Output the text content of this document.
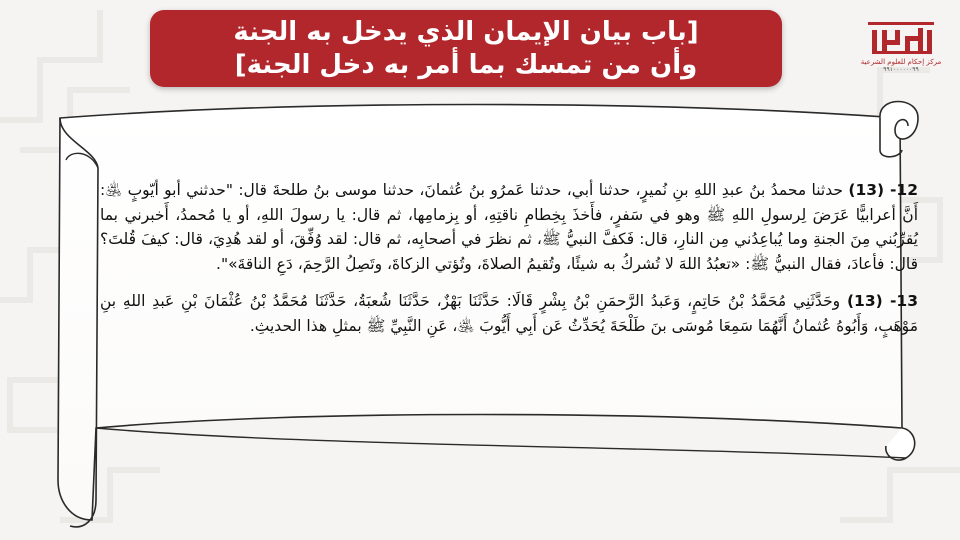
[باب بيان الإيمان الذي يدخل به الجنة
وأن من تمسك بما أمر به دخل الجنة]	مركز إحكام للعلوم الشرعية
٩٩١٠٠٠٠٠٠٩٩

12- (13) حدثنا محمدُ بنُ عبدِ اللهِ بنِ نُميرٍ، حدثنا أبي، حدثنا عَمرُو بنُ عُثمانَ، حدثنا موسى بنُ طلحةَ قال: "حدثني أبو أيّوبٍ ﵁: أَنَّ أعرابيًّا عَرَضَ لِرسولِ اللهِ ﷺ وهو في سَفرٍ، فأَخذَ بِخِطامِ ناقتِهِ، أو بِزمامِها، ثم قال: يا رسولَ اللهِ، أو يا مُحمدُ، أَخبرني بما يُقرِّبُني مِنَ الجنةِ وما يُباعِدُني مِن النارِ، قال: فَكفَّ النبيُّ ﷺ، ثم نظرَ في أصحابِه، ثم قال: لقد وُفِّقَ، أو لقد هُدِيَ، قال: كيفَ قُلتَ؟ قال: فأعادَ، فقال النبيُّ ﷺ: «تعبُدُ اللهَ لا تُشركُ به شيئًا، وتُقيمُ الصلاةَ، وتُؤتي الزكاةَ، وتَصِلُ الرَّحِمَ، دَعِ الناقةَ»".

13- (13) وحَدَّثَنِي مُحَمَّدُ بْنُ حَاتِمٍ، وَعَبدُ الرَّحمَنِ بْنُ بِشْرٍ قَالَا: حَدَّثَنَا بَهْزٌ، حَدَّثَنَا شُعبَةُ، حَدَّثَنَا مُحَمَّدُ بْنُ عُثْمَانَ بْنِ عَبدِ اللهِ بنِ مَوْهَبٍ، وَأَبُوهُ عُثمانُ أَنَّهُمَا سَمِعَا مُوسَى بنَ طَلْحَةَ يُحَدِّثُ عَن أَبِي أَيُّوبَ ﵁، عَنِ النَّبِيِّ ﷺ بمثلِ هذا الحديثِ.
